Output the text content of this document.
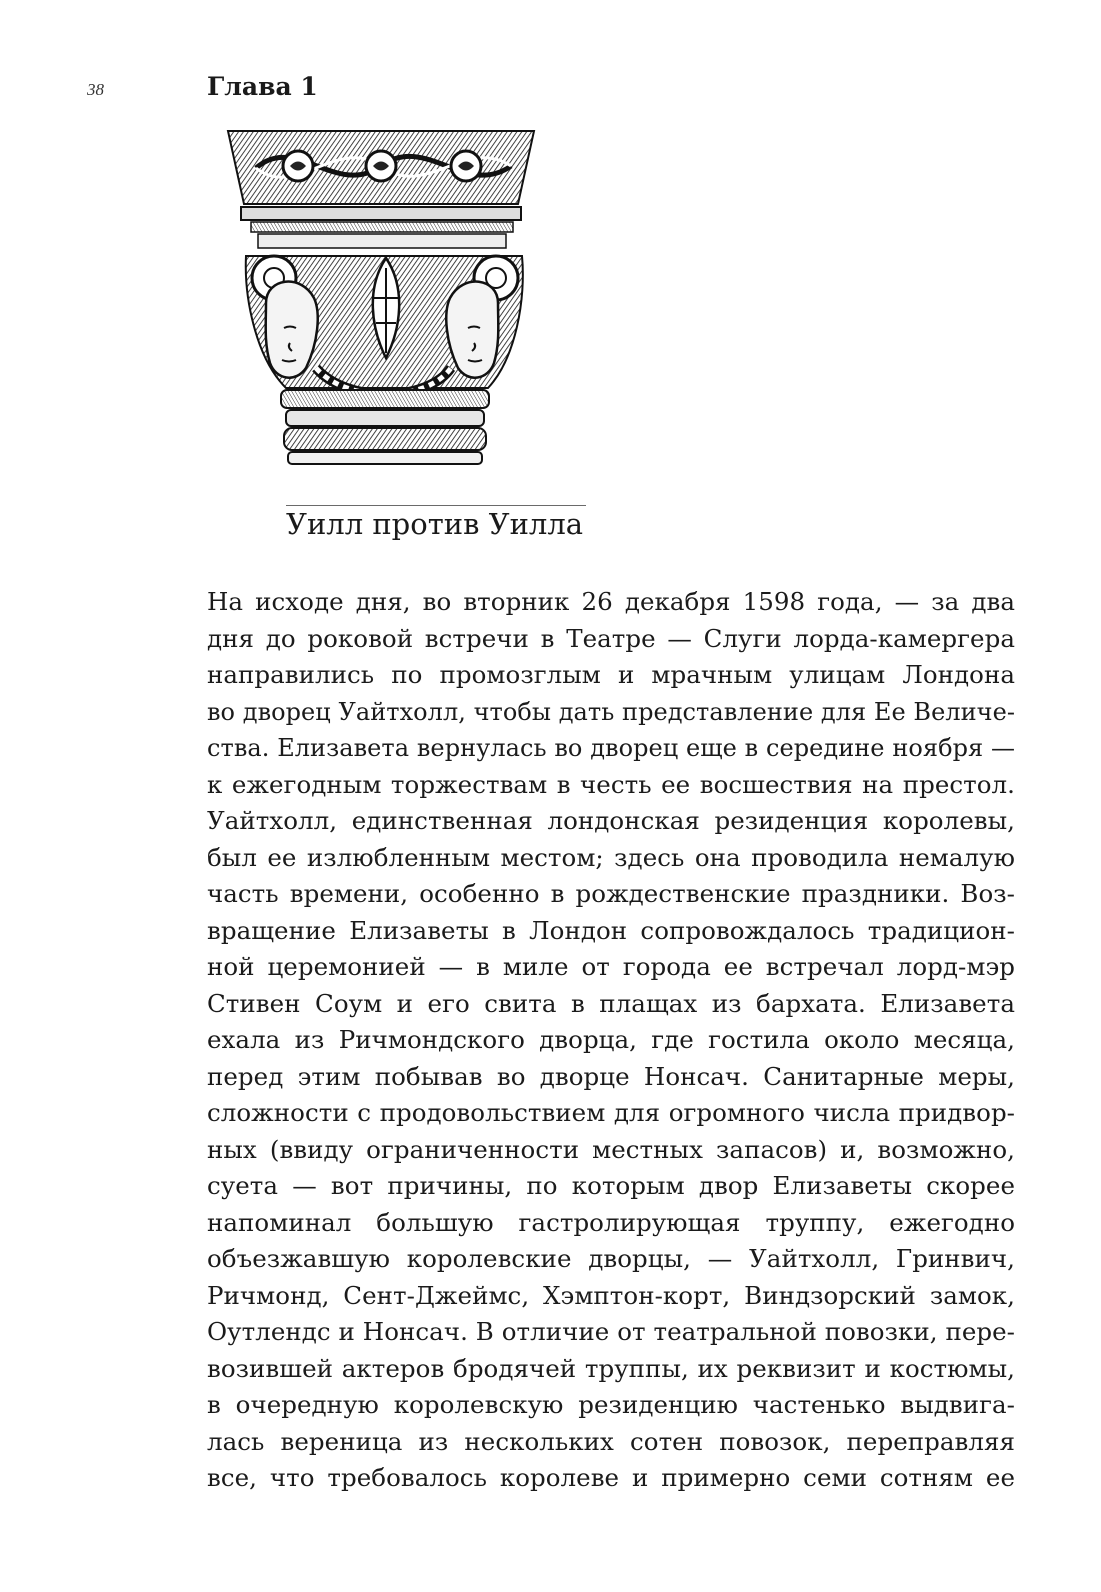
38	Глава 1
Уилл против Уилла
На исходе дня, во вторник 26 декабря 1598 года, — за два
дня до роковой встречи в Театре — Слуги лорда-камергера
направились по промозглым и мрачным улицам Лондона
во дворец Уайтхолл, чтобы дать представление для Ее Величе-
ства. Елизавета вернулась во дворец еще в середине ноября —
к ежегодным торжествам в честь ее восшествия на престол.
Уайтхолл, единственная лондонская резиденция королевы,
был ее излюбленным местом; здесь она проводила немалую
часть времени, особенно в рождественские праздники. Воз-
вращение Елизаветы в Лондон сопровождалось традицион-
ной церемонией — в миле от города ее встречал лорд-мэр
Стивен Соум и его свита в плащах из бархата. Елизавета
ехала из Ричмондского дворца, где гостила около месяца,
перед этим побывав во дворце Нонсач. Санитарные меры,
сложности с продовольствием для огромного числа придвор-
ных (ввиду ограниченности местных запасов) и, возможно,
суета — вот причины, по которым двор Елизаветы скорее
напоминал большую гастролирующая труппу, ежегодно
объезжавшую королевские дворцы, — Уайтхолл, Гринвич,
Ричмонд, Сент-Джеймс, Хэмптон-корт, Виндзорский замок,
Оутлендс и Нонсач. В отличие от театральной повозки, пере-
возившей актеров бродячей труппы, их реквизит и костюмы,
в очередную королевскую резиденцию частенько выдвига-
лась вереница из нескольких сотен повозок, переправляя
все, что требовалось королеве и примерно семи сотням ее
